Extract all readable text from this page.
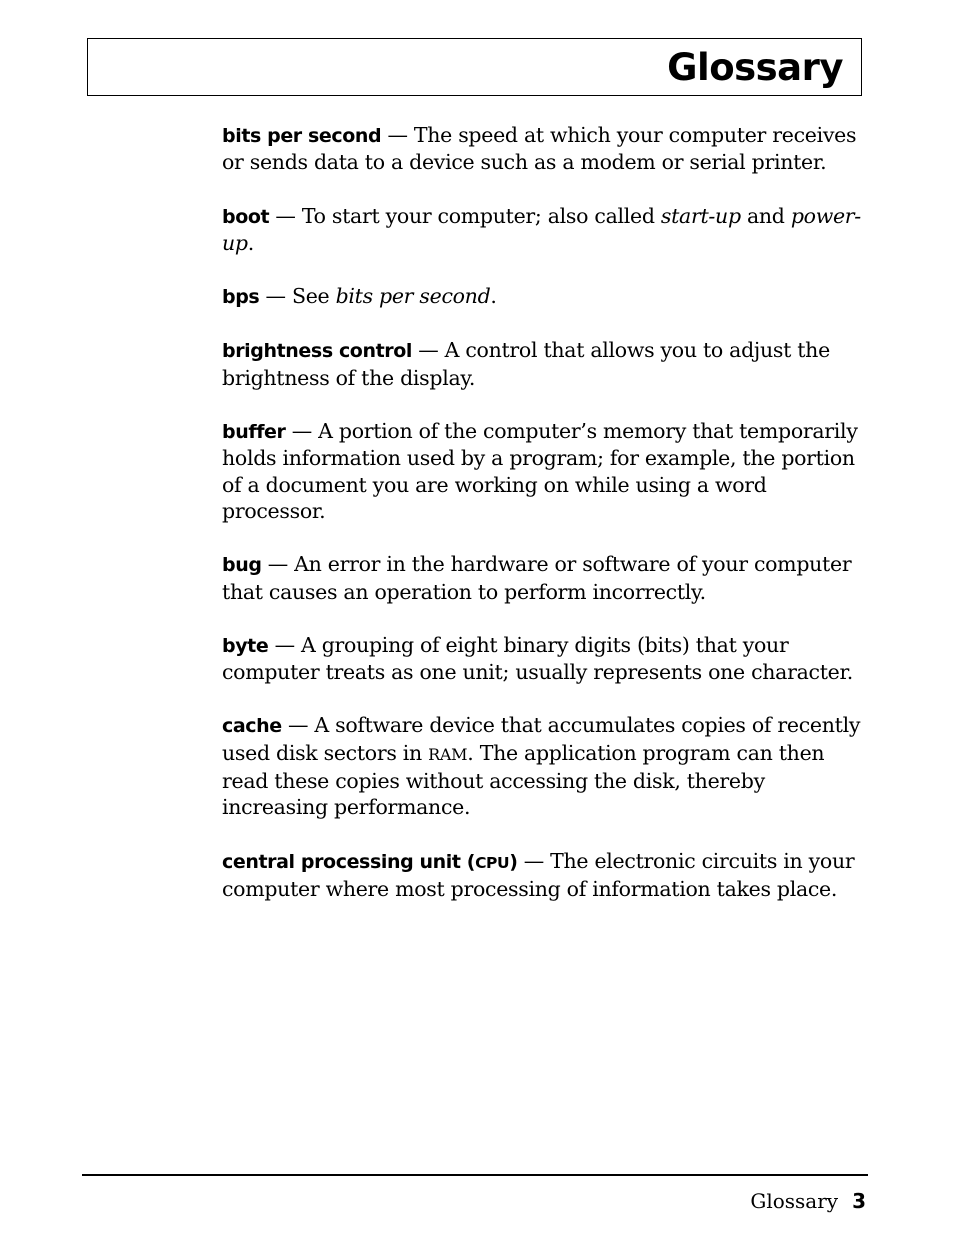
Glossary

bits per second — The speed at which your computer receives or sends data to a device such as a modem or serial printer.

boot — To start your computer; also called start-up and power-up.

bps — See bits per second.

brightness control — A control that allows you to adjust the brightness of the display.

buffer — A portion of the computer’s memory that temporarily holds information used by a program; for example, the portion of a document you are working on while using a word processor.

bug — An error in the hardware or software of your computer that causes an operation to perform incorrectly.

byte — A grouping of eight binary digits (bits) that your computer treats as one unit; usually represents one character.

cache — A software device that accumulates copies of recently used disk sectors in RAM. The application program can then read these copies without accessing the disk, thereby increasing performance.

central processing unit (CPU) — The electronic circuits in your computer where most processing of information takes place.

Glossary 3
